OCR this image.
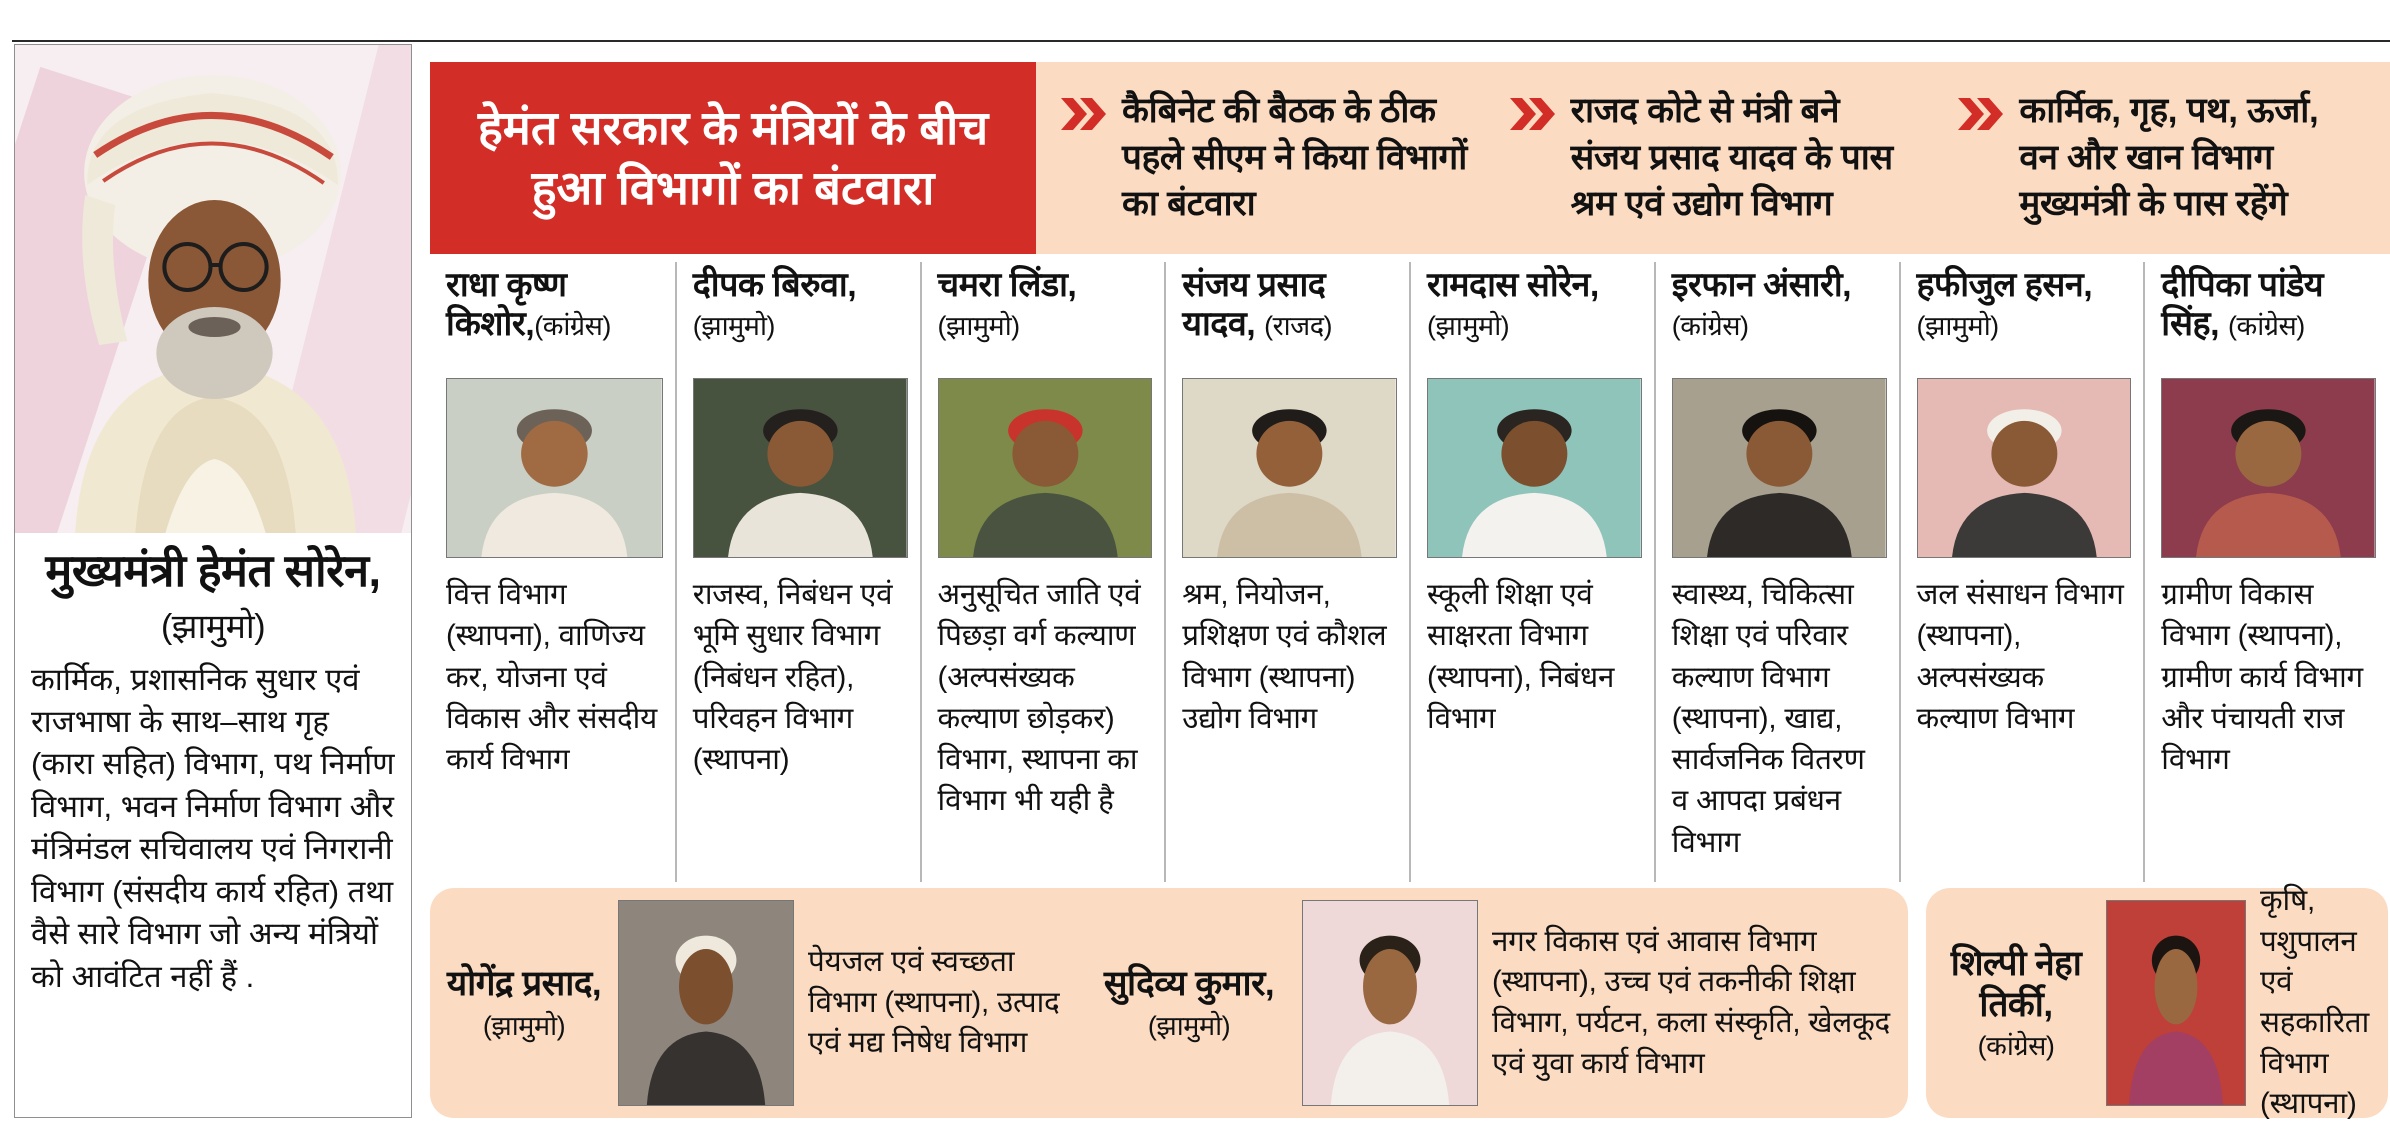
मुख्यमंत्री हेमंत सोरेन,(झामुमो)
कार्मिक, प्रशासनिक सुधार एवं राजभाषा के साथ–साथ गृह (कारा सहित) विभाग, पथ निर्माण विभाग, भवन निर्माण विभाग और मंत्रिमंडल सचिवालय एवं निगरानी विभाग (संसदीय कार्य रहित) तथा वैसे सारे विभाग जो अन्य मंत्रियों को आवंटित नहीं हैं .
हेमंत सरकार के मंत्रियों के बीच हुआ विभागों का बंटवारा
कैबिनेट की बैठक के ठीक पहले सीएम ने किया विभागों का बंटवारा
राजद कोटे से मंत्री बने संजय प्रसाद यादव के पास श्रम एवं उद्योग विभाग
कार्मिक, गृह, पथ, ऊर्जा, वन और खान विभाग मुख्यमंत्री के पास रहेंगे
राधा कृष्ण किशोर,(कांग्रेस)
वित्त विभाग (स्थापना), वाणिज्य कर, योजना एवं विकास और संसदीय कार्य विभाग
दीपक बिरुवा, (झामुमो)
राजस्व, निबंधन एवं भूमि सुधार विभाग (निबंधन रहित), परिवहन विभाग (स्थापना)
चमरा लिंडा, (झामुमो)
अनुसूचित जाति एवं पिछड़ा वर्ग कल्याण (अल्पसंख्यक कल्याण छोड़कर) विभाग, स्थापना का विभाग भी यही है
संजय प्रसाद यादव, (राजद)
श्रम, नियोजन, प्रशिक्षण एवं कौशल विभाग (स्थापना) उद्योग विभाग
रामदास सोरेन, (झामुमो)
स्कूली शिक्षा एवं साक्षरता विभाग (स्थापना), निबंधन विभाग
इरफान अंसारी, (कांग्रेस)
स्वास्थ्य, चिकित्सा शिक्षा एवं परिवार कल्याण विभाग (स्थापना), खाद्य, सार्वजनिक वितरण व आपदा प्रबंधन विभाग
हफीजुल हसन, (झामुमो)
जल संसाधन विभाग (स्थापना), अल्पसंख्यक कल्याण विभाग
दीपिका पांडेय सिंह, (कांग्रेस)
ग्रामीण विकास विभाग (स्थापना), ग्रामीण कार्य विभाग और पंचायती राज विभाग
योगेंद्र प्रसाद,
(झामुमो)
पेयजल एवं स्वच्छता विभाग (स्थापना), उत्पाद एवं मद्य निषेध विभाग
सुदिव्य कुमार,
(झामुमो)
नगर विकास एवं आवास विभाग (स्थापना), उच्च एवं तकनीकी शिक्षा विभाग, पर्यटन, कला संस्कृति, खेलकूद एवं युवा कार्य विभाग
शिल्पी नेहा तिर्की,
(कांग्रेस)
कृषि, पशुपालन एवं सहकारिता विभाग (स्थापना)
